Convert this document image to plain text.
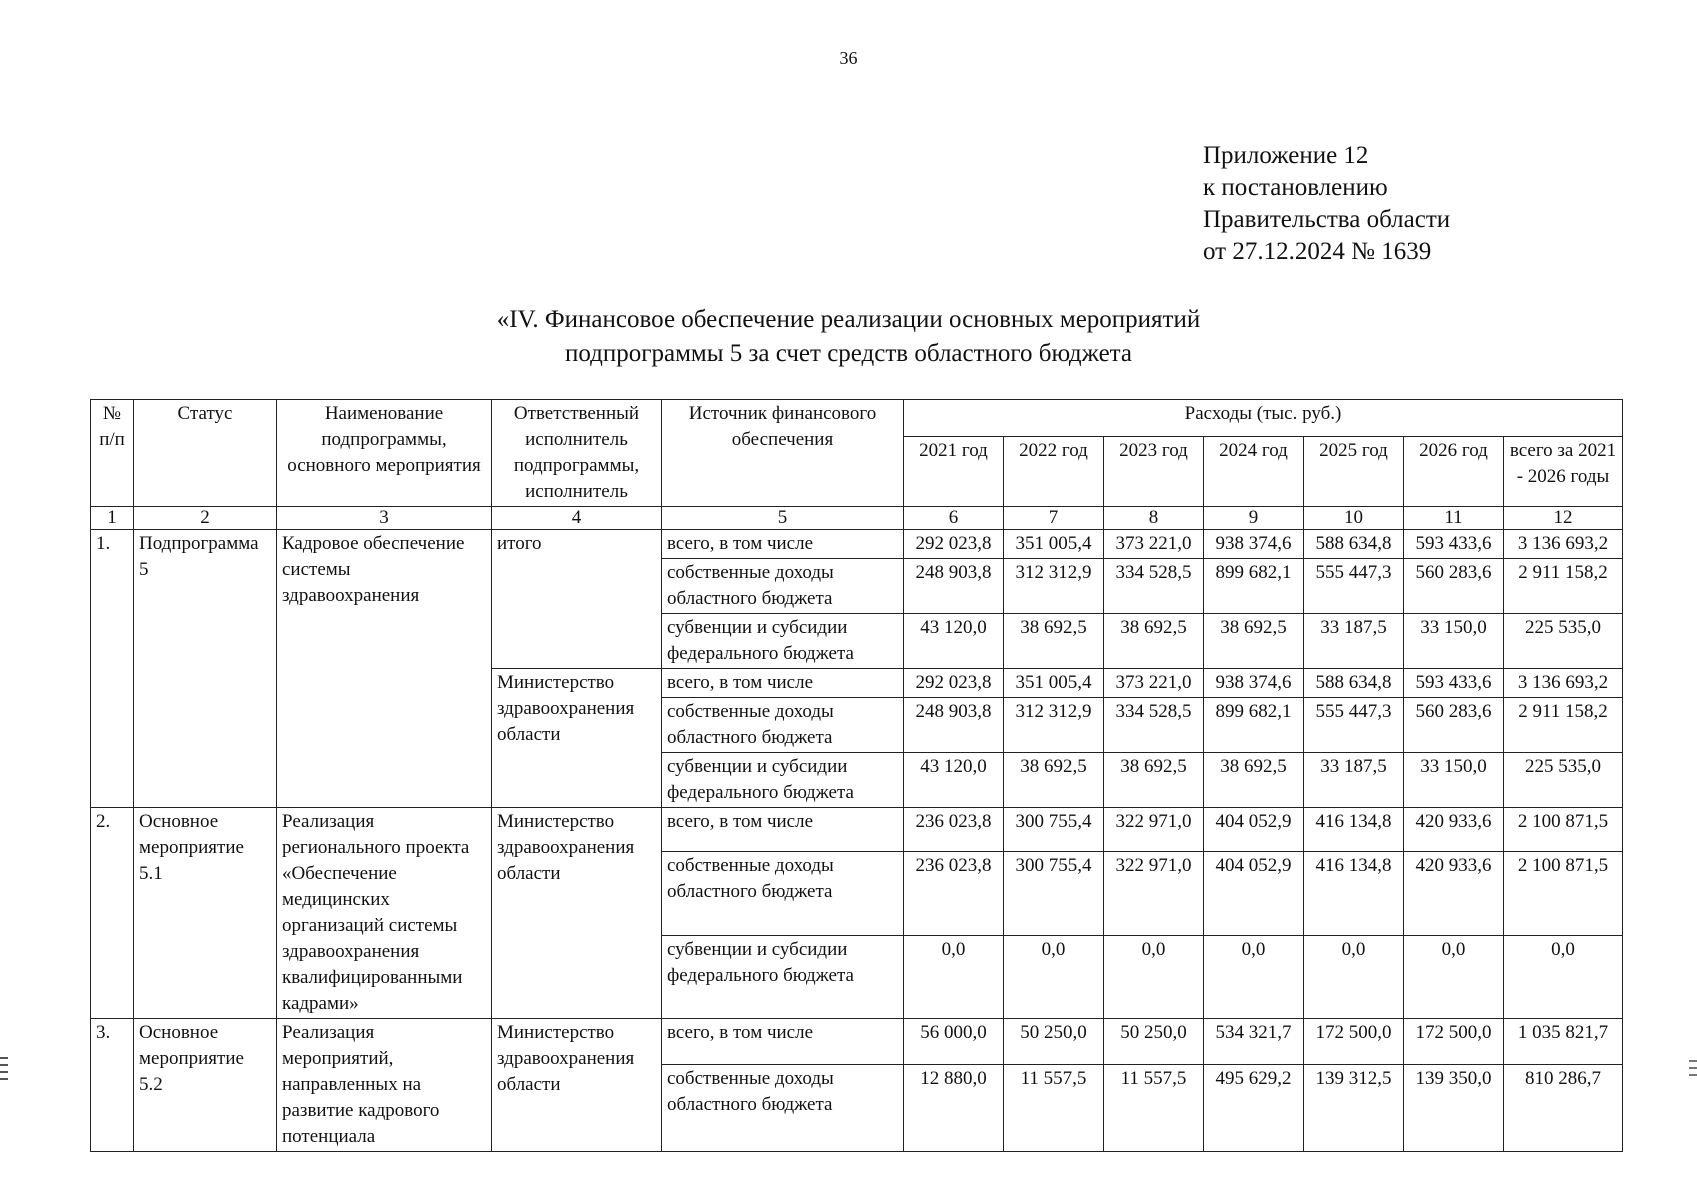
36
Приложение 12
к постановлению
Правительства области
от 27.12.2024 № 1639
«IV. Финансовое обеспечение реализации основных мероприятий
подпрограммы 5 за счет средств областного бюджета
№ п/п	Статус	Наименование подпрограммы, основного мероприятия	Ответственный исполнитель подпрограммы, исполнитель	Источник финансового обеспечения	Расходы (тыс. руб.)						
					2021 год	2022 год	2023 год	2024 год	2025 год	2026 год	всего за 2021 - 2026 годы
1	2	3	4	5	6	7	8	9	10	11	12
1.	Подпрограмма 5	Кадровое обеспечение системы здравоохранения	итого	всего, в том числе	292 023,8	351 005,4	373 221,0	938 374,6	588 634,8	593 433,6	3 136 693,2
				собственные доходы областного бюджета	248 903,8	312 312,9	334 528,5	899 682,1	555 447,3	560 283,6	2 911 158,2
				субвенции и субсидии федерального бюджета	43 120,0	38 692,5	38 692,5	38 692,5	33 187,5	33 150,0	225 535,0
			Министерство здравоохранения области	всего, в том числе	292 023,8	351 005,4	373 221,0	938 374,6	588 634,8	593 433,6	3 136 693,2
				собственные доходы областного бюджета	248 903,8	312 312,9	334 528,5	899 682,1	555 447,3	560 283,6	2 911 158,2
				субвенции и субсидии федерального бюджета	43 120,0	38 692,5	38 692,5	38 692,5	33 187,5	33 150,0	225 535,0
2.	Основное мероприятие 5.1	Реализация регионального проекта «Обеспечение медицинских организаций системы здравоохранения квалифицированными кадрами»	Министерство здравоохранения области	всего, в том числе	236 023,8	300 755,4	322 971,0	404 052,9	416 134,8	420 933,6	2 100 871,5
				собственные доходы областного бюджета	236 023,8	300 755,4	322 971,0	404 052,9	416 134,8	420 933,6	2 100 871,5
				субвенции и субсидии федерального бюджета	0,0	0,0	0,0	0,0	0,0	0,0	0,0
3.	Основное мероприятие 5.2	Реализация мероприятий, направленных на развитие кадрового потенциала	Министерство здравоохранения области	всего, в том числе	56 000,0	50 250,0	50 250,0	534 321,7	172 500,0	172 500,0	1 035 821,7
				собственные доходы областного бюджета	12 880,0	11 557,5	11 557,5	495 629,2	139 312,5	139 350,0	810 286,7
